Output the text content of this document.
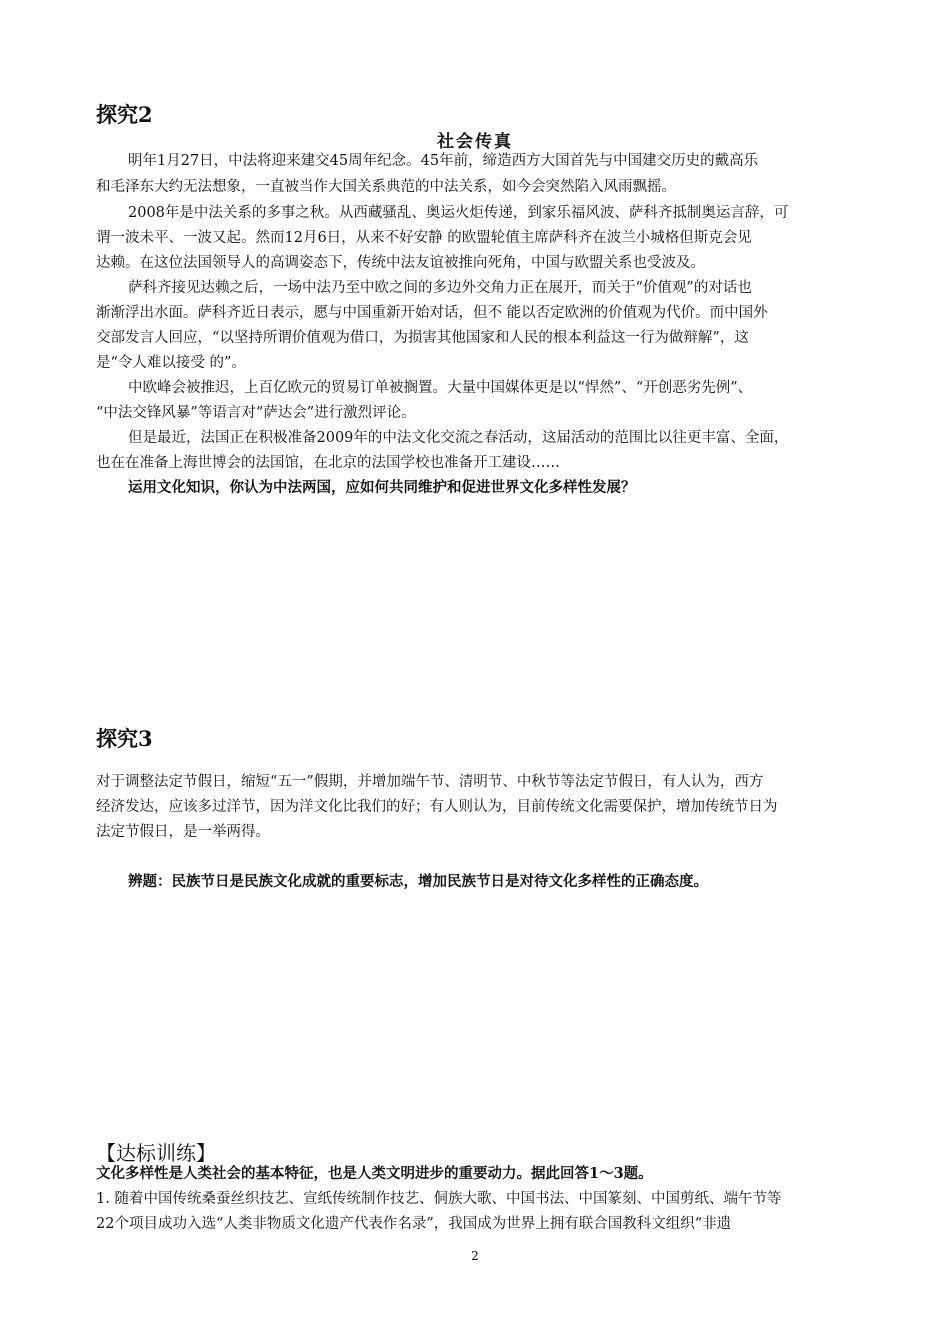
探究2
社会传真
明年1月27日，中法将迎来建交45周年纪念。45年前，缔造西方大国首先与中国建交历史的戴高乐
和毛泽东大约无法想象，一直被当作大国关系典范的中法关系，如今会突然陷入风雨飘摇。
2008年是中法关系的多事之秋。从西藏骚乱、奥运火炬传递，到家乐福风波、萨科齐抵制奥运言辞，可
谓一波未平、一波又起。然而12月6日，从来不好安静 的欧盟轮值主席萨科齐在波兰小城格但斯克会见
达赖。在这位法国领导人的高调姿态下，传统中法友谊被推向死角，中国与欧盟关系也受波及。
萨科齐接见达赖之后，一场中法乃至中欧之间的多边外交角力正在展开，而关于“价值观”的对话也
渐渐浮出水面。萨科齐近日表示，愿与中国重新开始对话，但不 能以否定欧洲的价值观为代价。而中国外
交部发言人回应，“以坚持所谓价值观为借口，为损害其他国家和人民的根本利益这一行为做辩解”，这
是“令人难以接受 的”。
中欧峰会被推迟，上百亿欧元的贸易订单被搁置。大量中国媒体更是以“悍然”、“开创恶劣先例”、
“中法交锋风暴”等语言对“萨达会”进行激烈评论。
但是最近，法国正在积极准备2009年的中法文化交流之春活动，这届活动的范围比以往更丰富、全面，
也在在准备上海世博会的法国馆，在北京的法国学校也准备开工建设……
运用文化知识，你认为中法两国，应如何共同维护和促进世界文化多样性发展？
探究3
对于调整法定节假日，缩短“五一”假期，并增加端午节、清明节、中秋节等法定节假日，有人认为，西方
经济发达，应该多过洋节，因为洋文化比我们的好；有人则认为，目前传统文化需要保护，增加传统节日为
法定节假日，是一举两得。
辨题：民族节日是民族文化成就的重要标志，增加民族节日是对待文化多样性的正确态度。
【达标训练】
文化多样性是人类社会的基本特征，也是人类文明进步的重要动力。据此回答1～3题。
1. 随着中国传统桑蚕丝织技艺、宣纸传统制作技艺、侗族大歌、中国书法、中国篆刻、中国剪纸、端午节等
22个项目成功入选“人类非物质文化遗产代表作名录”，我国成为世界上拥有联合国教科文组织“非遗
2
